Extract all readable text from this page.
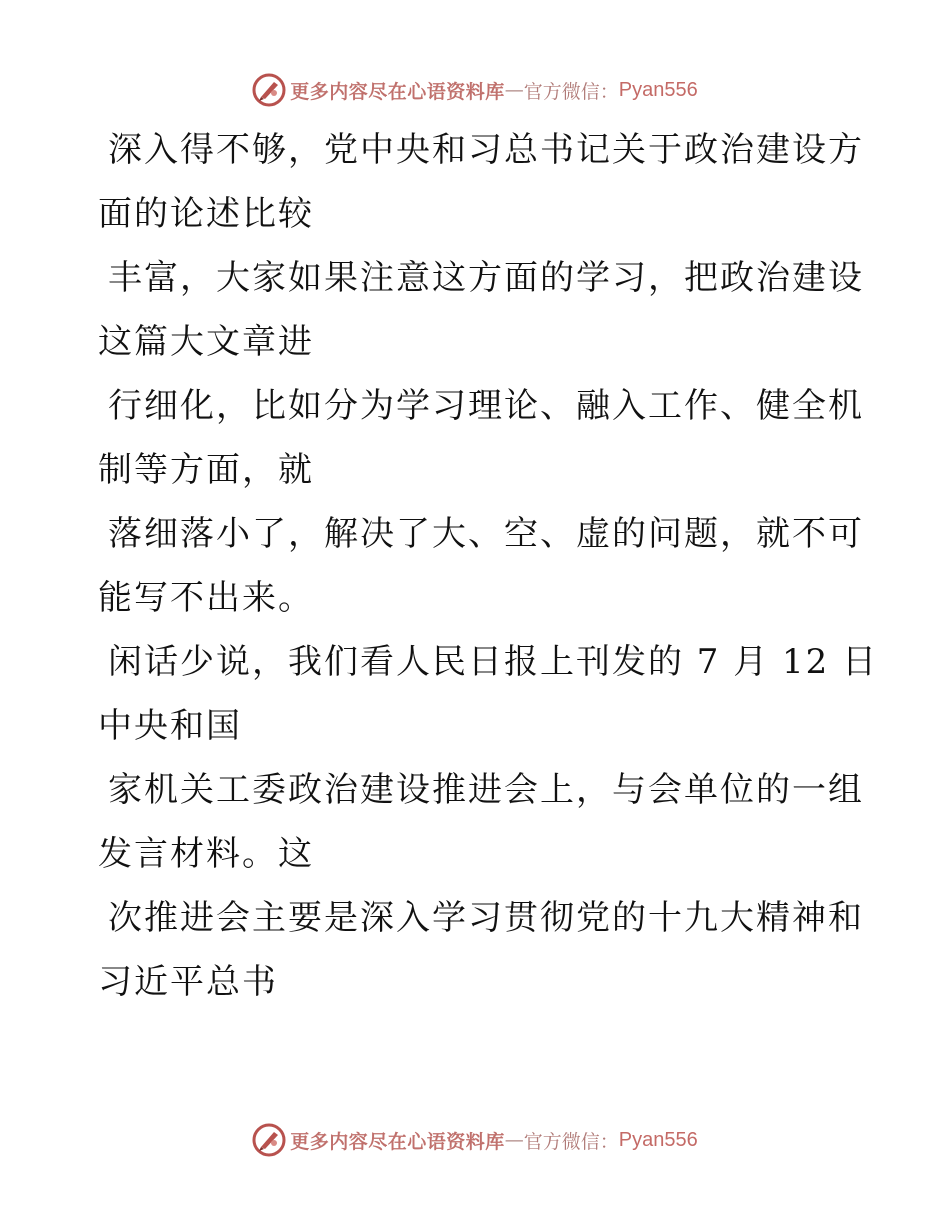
更多内容尽在心语资料库 — 官方微信： Pyan556
深入得不够，党中央和习总书记关于政治建设方
面的论述比较
丰富，大家如果注意这方面的学习，把政治建设
这篇大文章进
行细化，比如分为学习理论、融入工作、健全机
制等方面，就
落细落小了，解决了大、空、虚的问题，就不可
能写不出来。
闲话少说，我们看人民日报上刊发的 7 月 12 日
中央和国
家机关工委政治建设推进会上，与会单位的一组
发言材料。这
次推进会主要是深入学习贯彻党的十九大精神和
习近平总书
更多内容尽在心语资料库 — 官方微信： Pyan556
